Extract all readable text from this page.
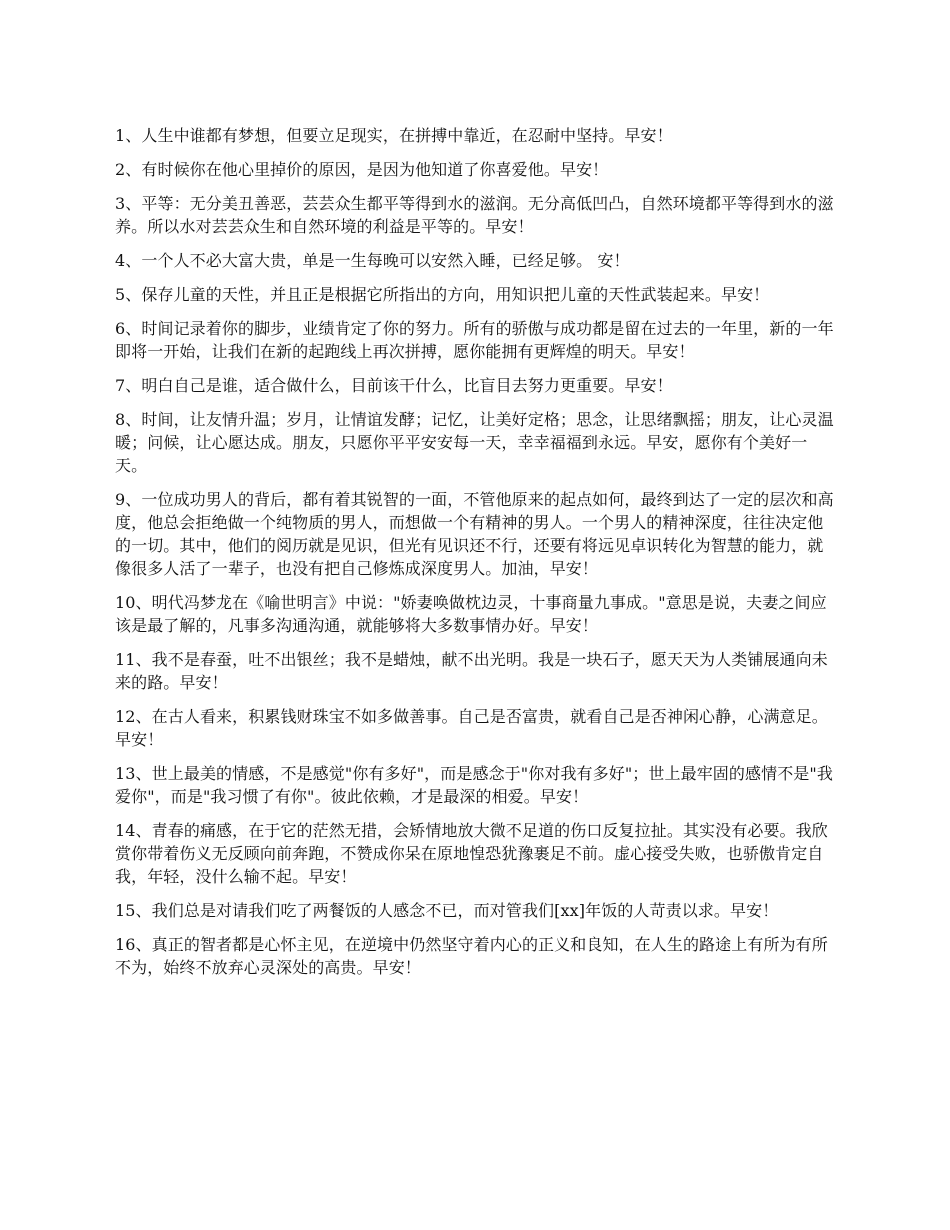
1、人生中谁都有梦想，但要立足现实，在拼搏中靠近，在忍耐中坚持。早安！

2、有时候你在他心里掉价的原因，是因为他知道了你喜爱他。早安！

3、平等：无分美丑善恶，芸芸众生都平等得到水的滋润。无分高低凹凸，自然环境都平等得到水的滋养。所以水对芸芸众生和自然环境的利益是平等的。早安！

4、一个人不必大富大贵，单是一生每晚可以安然入睡，已经足够。 安！

5、保存儿童的天性，并且正是根据它所指出的方向，用知识把儿童的天性武装起来。早安！

6、时间记录着你的脚步，业绩肯定了你的努力。所有的骄傲与成功都是留在过去的一年里，新的一年即将一开始，让我们在新的起跑线上再次拼搏，愿你能拥有更辉煌的明天。早安！

7、明白自己是谁，适合做什么，目前该干什么，比盲目去努力更重要。早安！

8、时间，让友情升温；岁月，让情谊发酵；记忆，让美好定格；思念，让思绪飘摇；朋友，让心灵温暖；问候，让心愿达成。朋友，只愿你平平安安每一天，幸幸福福到永远。早安，愿你有个美好一天。

9、一位成功男人的背后，都有着其锐智的一面，不管他原来的起点如何，最终到达了一定的层次和高度，他总会拒绝做一个纯物质的男人，而想做一个有精神的男人。一个男人的精神深度，往往决定他的一切。其中，他们的阅历就是见识，但光有见识还不行，还要有将远见卓识转化为智慧的能力，就像很多人活了一辈子，也没有把自己修炼成深度男人。加油，早安！

10、明代冯梦龙在《喻世明言》中说："娇妻唤做枕边灵，十事商量九事成。"意思是说，夫妻之间应该是最了解的，凡事多沟通沟通，就能够将大多数事情办好。早安！

11、我不是春蚕，吐不出银丝；我不是蜡烛，献不出光明。我是一块石子，愿天天为人类铺展通向未来的路。早安！

12、在古人看来，积累钱财珠宝不如多做善事。自己是否富贵，就看自己是否神闲心静，心满意足。早安！

13、世上最美的情感，不是感觉"你有多好"，而是感念于"你对我有多好"；世上最牢固的感情不是"我爱你"，而是"我习惯了有你"。彼此依赖，才是最深的相爱。早安！

14、青春的痛感，在于它的茫然无措，会矫情地放大微不足道的伤口反复拉扯。其实没有必要。我欣赏你带着伤义无反顾向前奔跑，不赞成你呆在原地惶恐犹豫裹足不前。虚心接受失败，也骄傲肯定自我，年轻，没什么输不起。早安！

15、我们总是对请我们吃了两餐饭的人感念不已，而对管我们[xx]年饭的人苛责以求。早安！

16、真正的智者都是心怀主见，在逆境中仍然坚守着内心的正义和良知，在人生的路途上有所为有所不为，始终不放弃心灵深处的高贵。早安！
